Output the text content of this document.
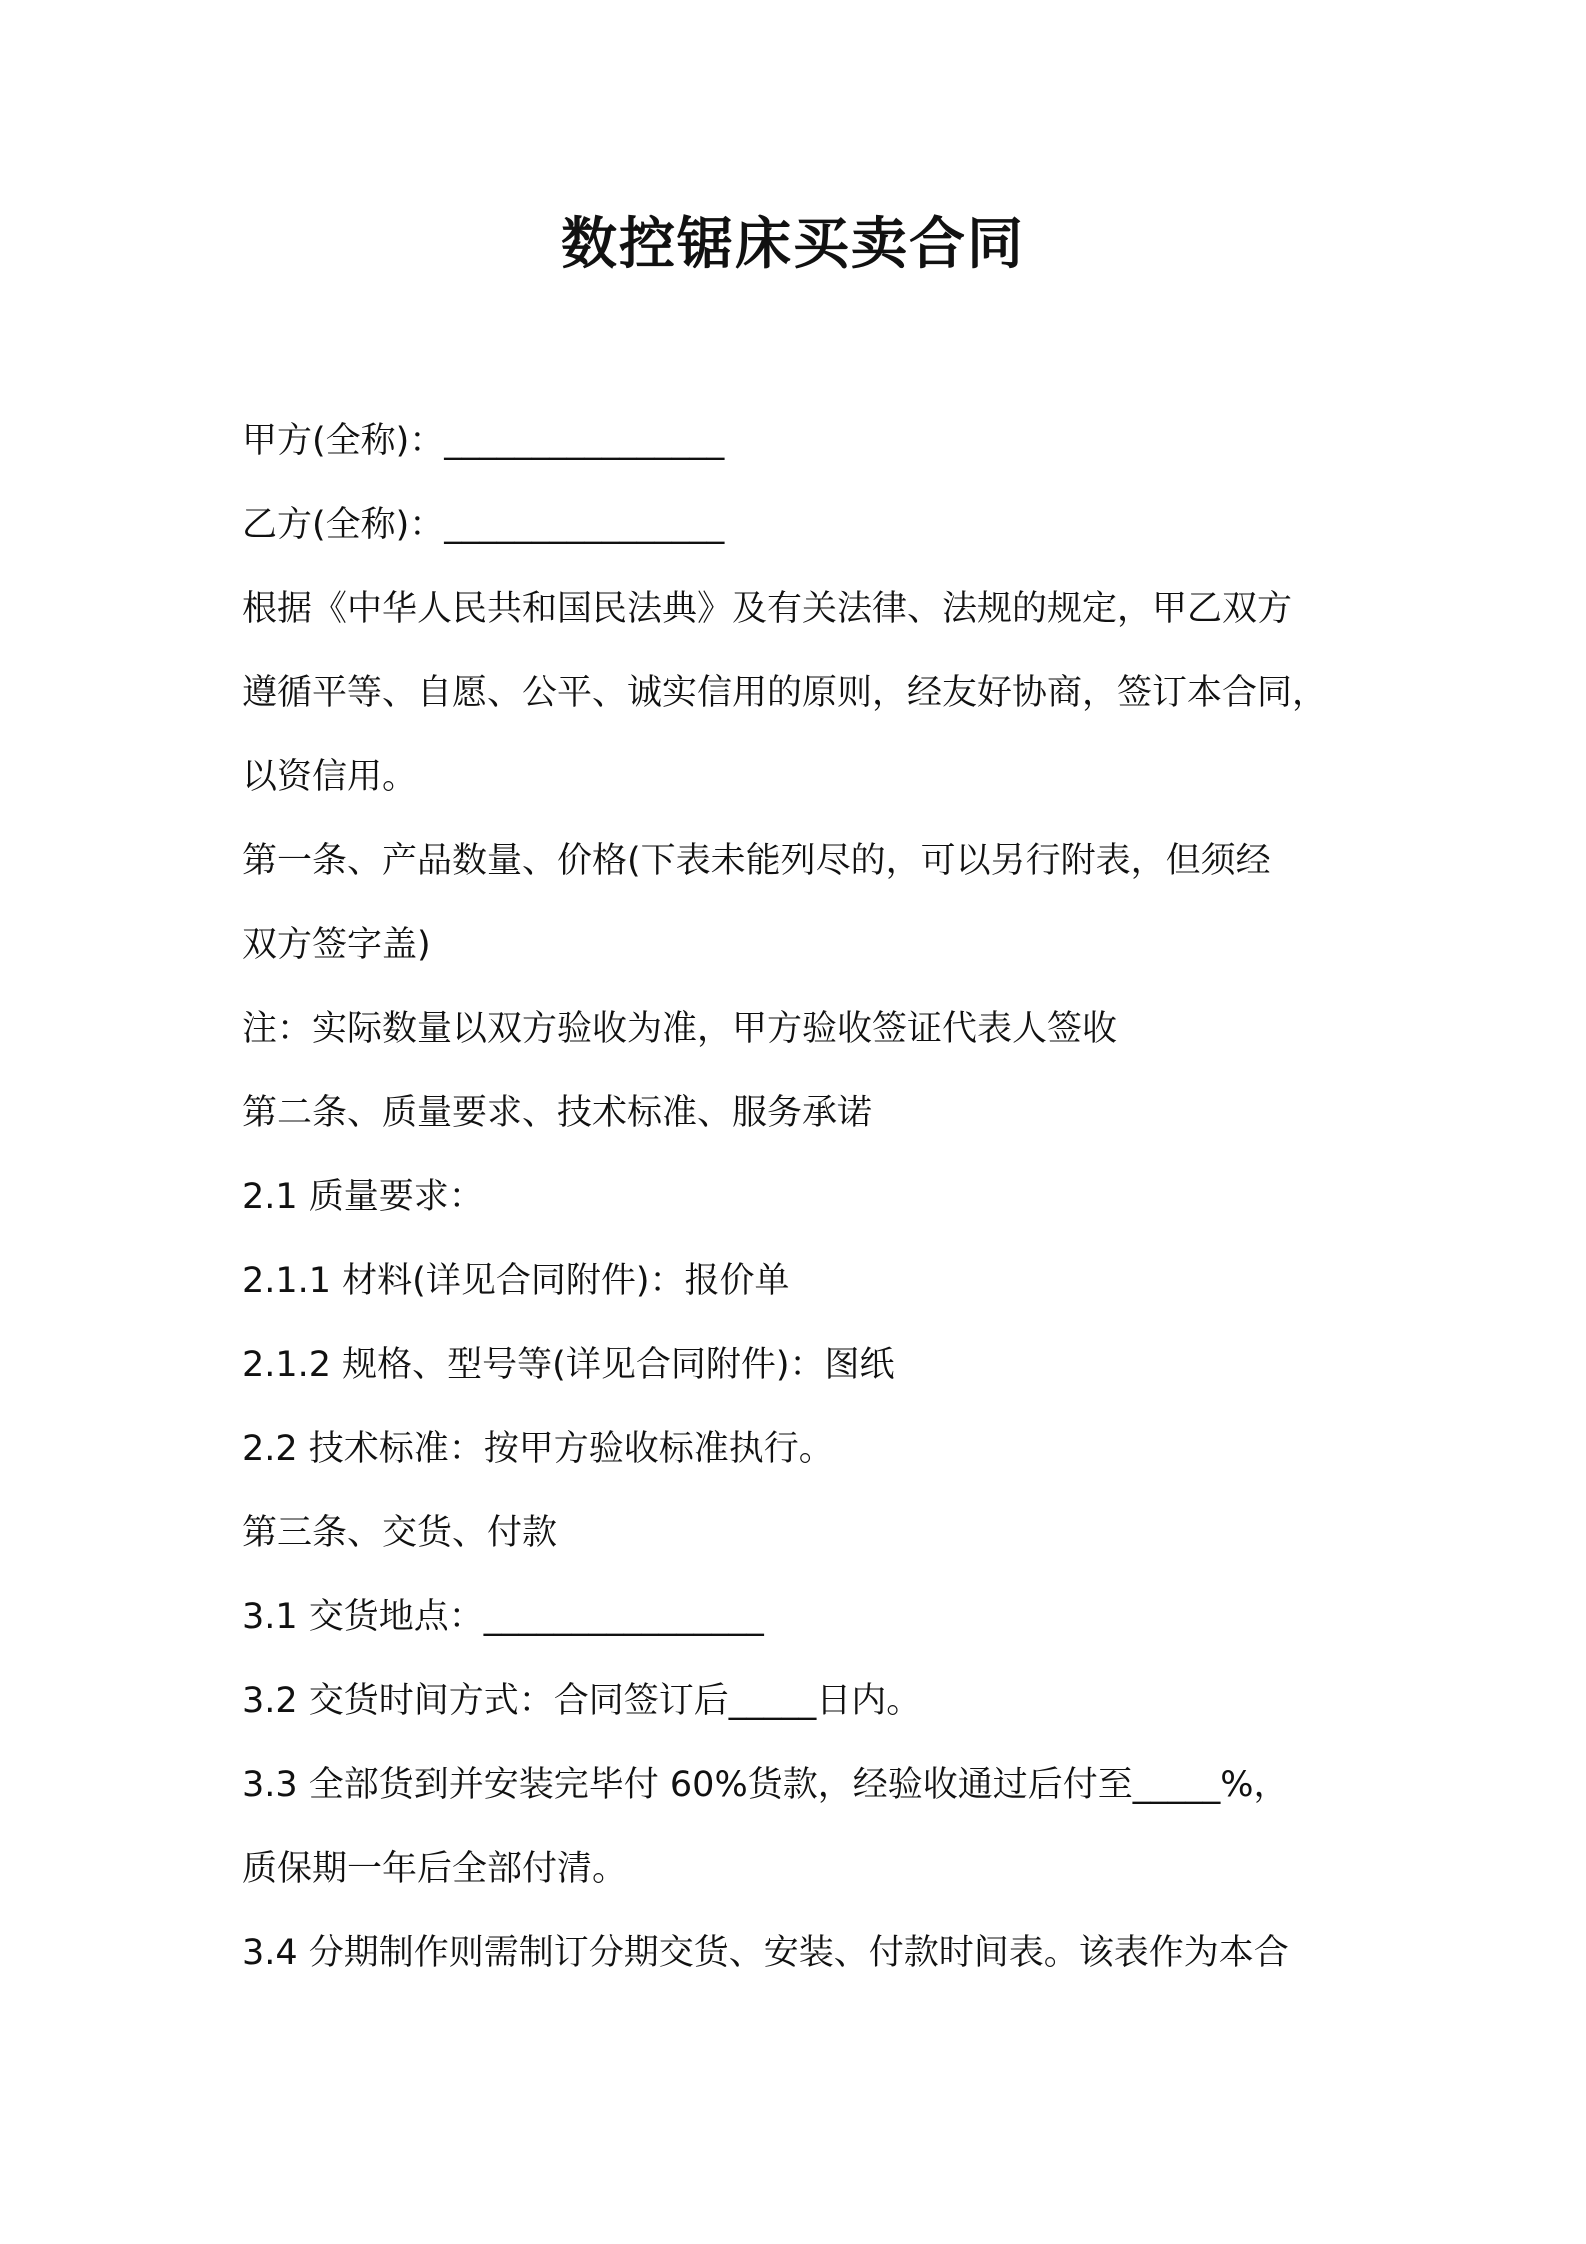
数控锯床买卖合同

甲方(全称)：________________

乙方(全称)：________________

根据《中华人民共和国民法典》及有关法律、法规的规定，甲乙双方

遵循平等、自愿、公平、诚实信用的原则，经友好协商，签订本合同，

以资信用。

第一条、产品数量、价格(下表未能列尽的，可以另行附表，但须经

双方签字盖)

注：实际数量以双方验收为准，甲方验收签证代表人签收

第二条、质量要求、技术标准、服务承诺

2.1 质量要求：

2.1.1 材料(详见合同附件)：报价单

2.1.2 规格、型号等(详见合同附件)：图纸

2.2 技术标准：按甲方验收标准执行。

第三条、交货、付款

3.1 交货地点：________________

3.2 交货时间方式：合同签订后_____日内。

3.3 全部货到并安装完毕付 60%货款，经验收通过后付至_____%，

质保期一年后全部付清。

3.4 分期制作则需制订分期交货、安装、付款时间表。该表作为本合
